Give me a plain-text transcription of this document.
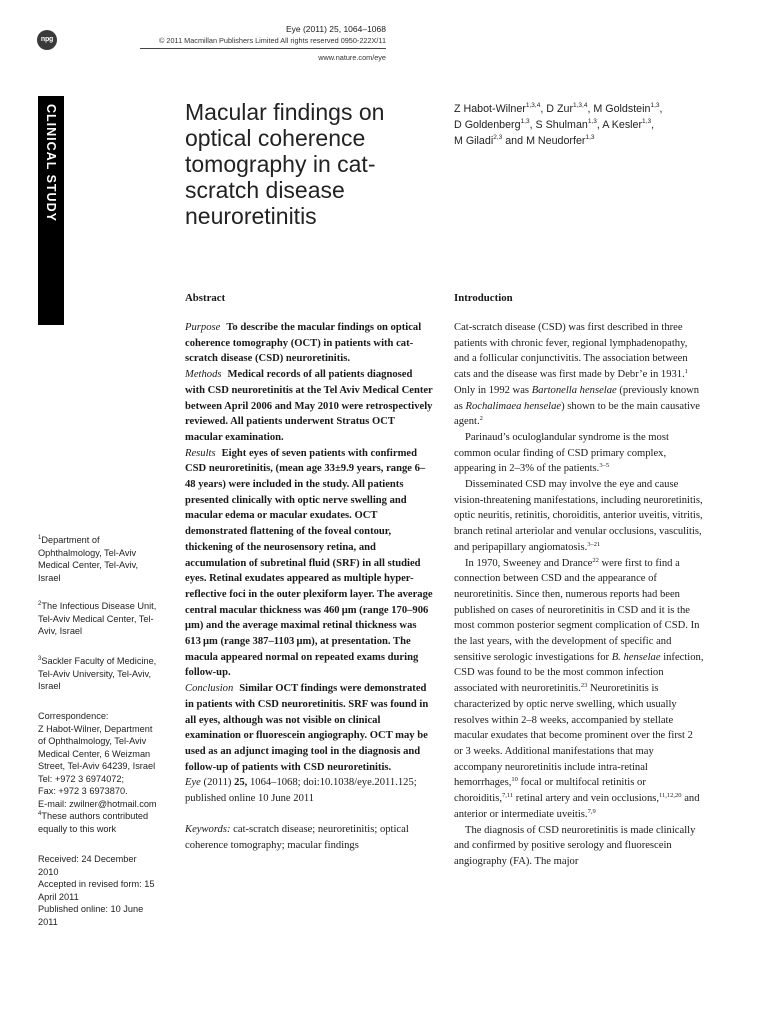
npg
Eye (2011) 25, 1064–1068
© 2011 Macmillan Publishers Limited All rights reserved 0950-222X/11
www.nature.com/eye
CLINICAL STUDY	Macular findings on optical coherence tomography in cat-scratch disease neuroretinitis
Z Habot-Wilner$^{1,3,4}$, D Zur$^{1,3,4}$, M Goldstein$^{1,3}$,
D Goldenberg$^{1,3}$, S Shulman$^{1,3}$, A Kesler$^{1,3}$,
M Giladi$^{2,3}$ and M Neudorfer$^{1,3}$
$^1$Department of Ophthalmology, Tel-Aviv Medical Center, Tel-Aviv, Israel
$^2$The Infectious Disease Unit, Tel-Aviv Medical Center, Tel-Aviv, Israel
$^3$Sackler Faculty of Medicine, Tel-Aviv University, Tel-Aviv, Israel
Correspondence:
Z Habot-Wilner, Department of Ophthalmology, Tel-Aviv Medical Center, 6 Weizman Street, Tel-Aviv 64239, Israel
Tel: +972 3 6974072;
Fax: +972 3 6973870.
E-mail: zwilner@hotmail.com
$^4$These authors contributed equally to this work
Received: 24 December 2010
Accepted in revised form: 15 April 2011
Published online: 10 June 2011
Abstract	Introduction

Purpose To describe the macular findings on optical coherence tomography (OCT) in patients with cat-scratch disease (CSD) neuroretinitis.

Methods Medical records of all patients diagnosed with CSD neuroretinitis at the Tel Aviv Medical Center between April 2006 and May 2010 were retrospectively reviewed. All patients underwent Stratus OCT macular examination.

Results Eight eyes of seven patients with confirmed CSD neuroretinitis, (mean age 33±9.9 years, range 6–48 years) were included in the study. All patients presented clinically with optic nerve swelling and macular edema or macular exudates. OCT demonstrated flattening of the foveal contour, thickening of the neurosensory retina, and accumulation of subretinal fluid (SRF) in all studied eyes. Retinal exudates appeared as multiple hyper-reflective foci in the outer plexiform layer. The average central macular thickness was 460 μm (range 170–906 μm) and the average maximal retinal thickness was 613 μm (range 387–1103 μm), at presentation. The macula appeared normal on repeated exams during follow-up.

Conclusion Similar OCT findings were demonstrated in patients with CSD neuroretinitis. SRF was found in all eyes, although was not visible on clinical examination or fluorescein angiography. OCT may be used as an adjunct imaging tool in the diagnosis and follow-up of patients with CSD neuroretinitis.

Eye (2011) 25, 1064–1068; doi:10.1038/eye.2011.125; published online 10 June 2011

Keywords: cat-scratch disease; neuroretinitis; optical coherence tomography; macular findings

Cat-scratch disease (CSD) was first described in three patients with chronic fever, regional lymphadenopathy, and a follicular conjunctivitis. The association between cats and the disease was first made by Debr’e in 1931.$^1$ Only in 1992 was Bartonella henselae (previously known as Rochalimaea henselae) shown to be the main causative agent.$^2$

Parinaud’s oculoglandular syndrome is the most common ocular finding of CSD primary complex, appearing in 2–3% of the patients.$^{3-5}$

Disseminated CSD may involve the eye and cause vision-threatening manifestations, including neuroretinitis, optic neuritis, retinitis, choroiditis, anterior uveitis, vitritis, branch retinal arteriolar and venular occlusions, vasculitis, and peripapillary angiomatosis.$^{3-21}$

In 1970, Sweeney and Drance$^{22}$ were first to find a connection between CSD and the appearance of neuroretinitis. Since then, numerous reports had been published on cases of neuroretinitis in CSD and it is the most common posterior segment complication of CSD. In the last years, with the development of specific and sensitive serologic investigations for B. henselae infection, CSD was found to be the most common infection associated with neuroretinitis.$^{23}$ Neuroretinitis is characterized by optic nerve swelling, which usually resolves within 2–8 weeks, accompanied by stellate macular exudates that become prominent over the first 2 or 3 weeks. Additional manifestations that may accompany neuroretinitis include intra-retinal hemorrhages,$^{10}$ focal or multifocal retinitis or choroiditis,$^{7,11}$ retinal artery and vein occlusions,$^{11,12,20}$ and anterior or intermediate uveitis.$^{7,9}$

The diagnosis of CSD neuroretinitis is made clinically and confirmed by positive serology and fluorescein angiography (FA). The major
